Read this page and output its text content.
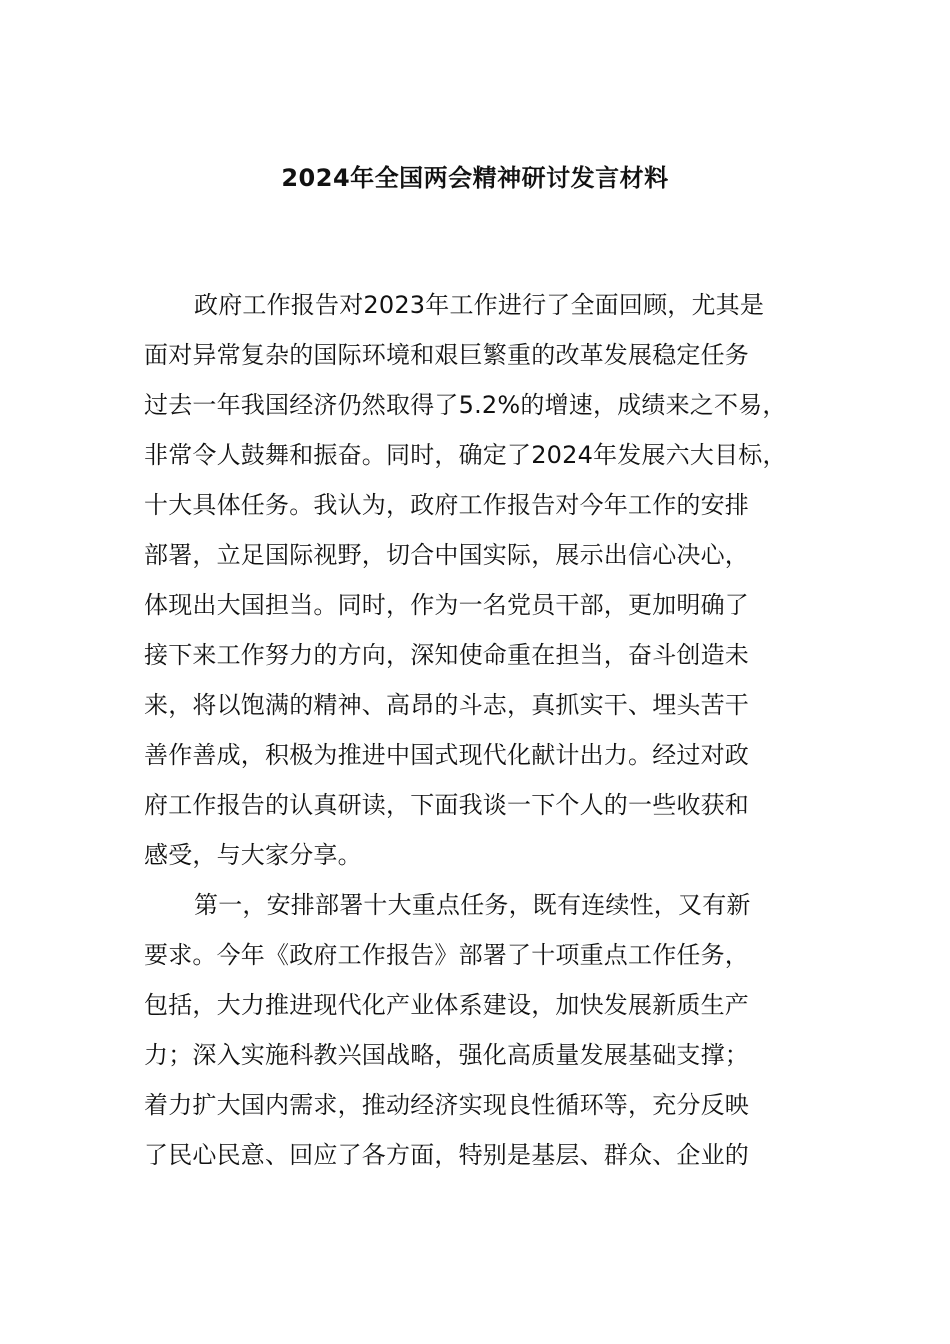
2024年全国两会精神研讨发言材料
政府工作报告对2023年工作进行了全面回顾，尤其是
面对异常复杂的国际环境和艰巨繁重的改革发展稳定任务
过去一年我国经济仍然取得了5.2%的增速，成绩来之不易，
非常令人鼓舞和振奋。同时，确定了2024年发展六大目标，
十大具体任务。我认为，政府工作报告对今年工作的安排
部署，立足国际视野，切合中国实际，展示出信心决心，
体现出大国担当。同时，作为一名党员干部，更加明确了
接下来工作努力的方向，深知使命重在担当，奋斗创造未
来，将以饱满的精神、高昂的斗志，真抓实干、埋头苦干
善作善成，积极为推进中国式现代化献计出力。经过对政
府工作报告的认真研读，下面我谈一下个人的一些收获和
感受，与大家分享。
第一，安排部署十大重点任务，既有连续性，又有新
要求。今年《政府工作报告》部署了十项重点工作任务，
包括，大力推进现代化产业体系建设，加快发展新质生产
力；深入实施科教兴国战略，强化高质量发展基础支撑；
着力扩大国内需求，推动经济实现良性循环等，充分反映
了民心民意、回应了各方面，特别是基层、群众、企业的
